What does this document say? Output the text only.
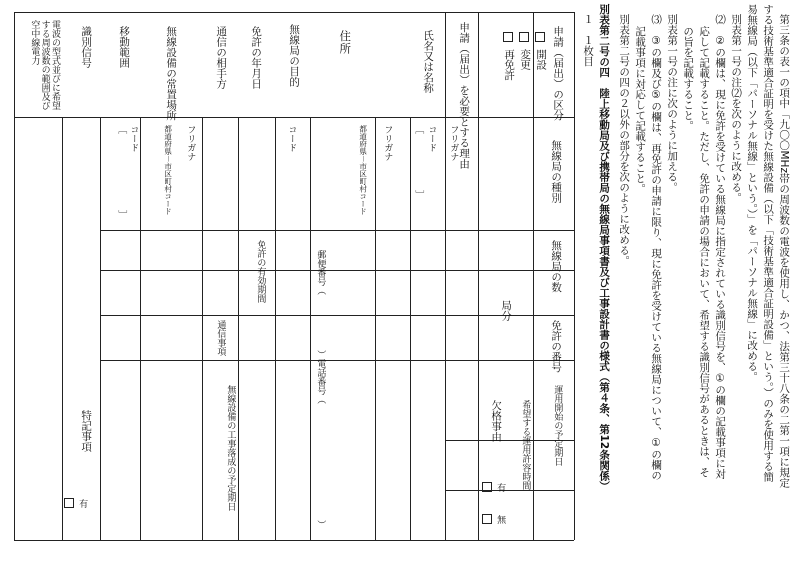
第三条の表一の項中「九〇〇MHz帯の周波数の電波を使用し、かつ、法第三十八条の二第一項に規定
する技術基準適合証明を受けた無線設備（以下「技術基準適合証明設備」という。）のみを使用する簡
易無線局（以下「パーソナル無線」という。）」を「パーソナル無線」に改める。
別表第一号の注⑵を次のように改める。
⑵　②の欄は、現に免許を受けている無線局に指定されている識別信号を、①の欄の記載事項に対
応して記載すること。ただし、免許の申請の場合において、希望する識別信号があるときは、そ
の旨を記載すること。
別表第一号の注に次のように加える。
⑶　③の欄及び⑤の欄は、再免許の申請に限り、現に免許を受けている無線局について、①の欄の
記載事項に対応して記載すること。
別表第二号の四の２以外の部分を次のように改める。
別表第二号の四　陸上移動局及び携帯局の無線局事項書及び工事設計書の様式（第４条、第12条関係）
１　１枚目
申請（届出）の区分
開設
変更
再免許
申請（届出）を必要とする理由
氏名又は名称
フリガナ
コード
［
］
住所
フリガナ
都道府県－市区町村コード
郵便番号（
）電話番号（
）
無線局の目的
コード
免許の年月日
免許の有効期間
通信の相手方
通信事項
無線設備の常置場所
フリガナ
都道府県－市区町村コード
無線設備の工事落成の予定期日
移動範囲
コード
［
］
識別信号
電波の型式並びに希望する周波数の範囲及び空中線電力
無線局の種別
無線局の数
局分
免許の番号
運用開始の予定期日
希望する運用許容時間
欠格事由
有
無
特記事項
有
